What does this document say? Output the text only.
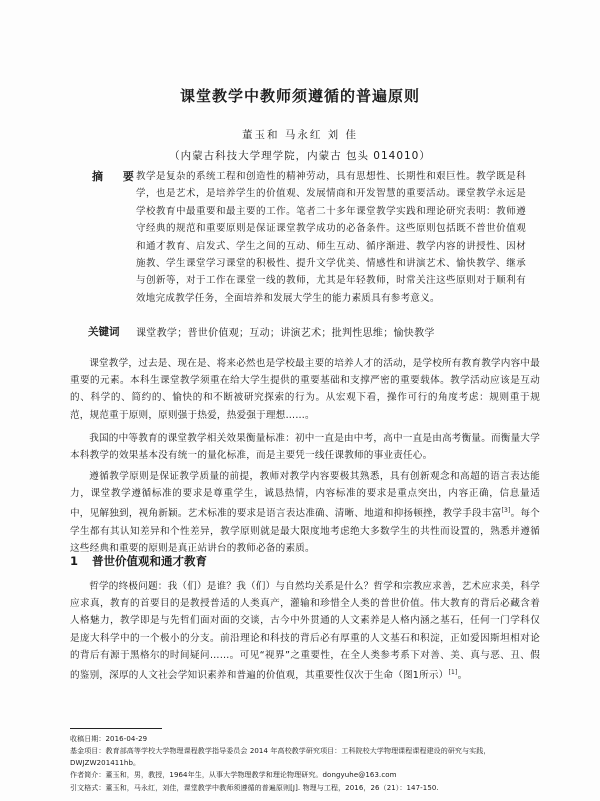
课堂教学中教师须遵循的普遍原则
董玉和 马永红 刘 佳
（内蒙古科技大学理学院，内蒙古 包头 014010）
摘 要
教学是复杂的系统工程和创造性的精神劳动，具有思想性、长期性和艰巨性。教学既是科学，也是艺术，是培养学生的价值观、发展情商和开发智慧的重要活动。课堂教学永远是学校教育中最重要和最主要的工作。笔者二十多年课堂教学实践和理论研究表明：教师遵守经典的规范和重要原则是保证课堂教学成功的必备条件。这些原则包括既不普世价值观和通才教育、启发式、学生之间的互动、师生互动、循序渐进、教学内容的讲授性、因材施教、学生课堂学习课堂的积极性、提升文学优美、情感性和讲演艺术、愉快教学、继承与创新等，对于工作在课堂一线的教师，尤其是年轻教师，时常关注这些原则对于顺利有效地完成教学任务，全面培养和发展大学生的能力素质具有参考意义。
关键词 课堂教学；普世价值观；互动；讲演艺术；批判性思维；愉快教学

课堂教学，过去是、现在是、将来必然也是学校最主要的培养人才的活动，是学校所有教育教学内容中最重要的元素。本科生课堂教学须重在给大学生提供的重要基础和支撑严密的重要载体。教学活动应该是互动的、科学的、简约的、愉快的和不断被研究探索的行为。从宏观下看，操作可行的角度考虑：规则重于规范，规范重于原则，原则强于热爱，热爱强于理想……。

我国的中等教育的课堂教学相关效果衡量标准：初中一直是由中考，高中一直是由高考衡量。而衡量大学本科教学的效果基本没有统一的量化标准，而是主要凭一线任课教师的事业责任心。

遵循教学原则是保证教学质量的前提，教师对教学内容要极其熟悉，具有创新观念和高超的语言表达能力，课堂教学遵循标准的要求是尊重学生，诚恳热情，内容标准的要求是重点突出，内容正确，信息量适中，见解独到，视角新颖。艺术标准的要求是语言表达准确、清晰、地道和抑扬顿挫，教学手段丰富[3]。每个学生都有其认知差异和个性差异，教学原则就是最大限度地考虑绝大多数学生的共性而设置的，熟悉并遵循这些经典和重要的原则是真正站讲台的教师必备的素质。

1 普世价值观和通才教育

哲学的终极问题：我（们）是谁？我（们）与自然均关系是什么？哲学和宗教应求善，艺术应求美，科学应求真，教育的首要目的是教授普适的人类真产，灌输和珍惜全人类的普世价值。伟大教育的背后必藏含着人格魅力，教学即是与先哲们面对面的交谈，古今中外贯通的人文素养是人格内涵之基石，任何一门学科仅是庞大科学中的一个极小的分支。前沿理论和科技的背后必有厚重的人文基石和积淀，正如爱因斯坦相对论的背后有源于黑格尔的时间疑问……。可见“视界”之重要性，在全人类参考系下对善、美、真与恶、丑、假的鉴别，深厚的人文社会学知识素养和普遍的价值观，其重要性仅次于生命（图1所示）[1]。

收稿日期：2016-04-29
基金项目：教育部高等学校大学物理课程教学指导委员会 2014 年高校教学研究项目：工科院校大学物理课程课程建设的研究与实践，DWJZW201411hb。
作者简介：董玉和，男，教授，1964年生，从事大学物理教学和理论物理研究。dongyuhe@163.com
引文格式：董玉和，马永红，刘佳，课堂教学中教师须遵循的普遍原则[J]. 物理与工程，2016，26（21）：147-150.
